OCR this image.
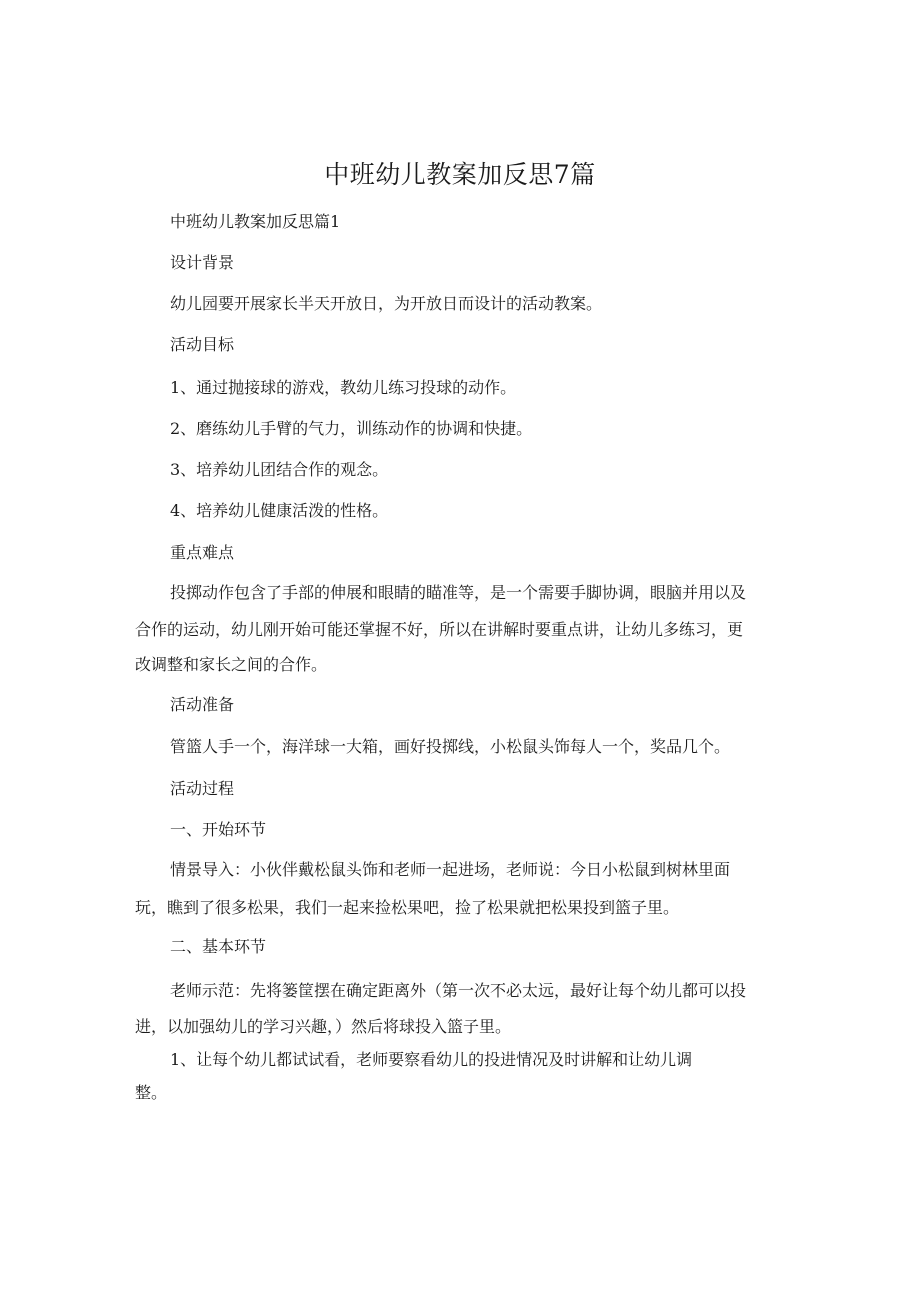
中班幼儿教案加反思7篇

中班幼儿教案加反思篇1

设计背景

幼儿园要开展家长半天开放日，为开放日而设计的活动教案。

活动目标

1、通过抛接球的游戏，教幼儿练习投球的动作。

2、磨练幼儿手臂的气力，训练动作的协调和快捷。

3、培养幼儿团结合作的观念。

4、培养幼儿健康活泼的性格。

重点难点

投掷动作包含了手部的伸展和眼睛的瞄准等，是一个需要手脚协调，眼脑并用以及

合作的运动，幼儿刚开始可能还掌握不好，所以在讲解时要重点讲，让幼儿多练习，更

改调整和家长之间的合作。

活动准备

管篮人手一个，海洋球一大箱，画好投掷线，小松鼠头饰每人一个，奖品几个。

活动过程

一、开始环节

情景导入：小伙伴戴松鼠头饰和老师一起进场，老师说：今日小松鼠到树林里面

玩，瞧到了很多松果，我们一起来捡松果吧，捡了松果就把松果投到篮子里。

二、基本环节

老师示范：先将篓筐摆在确定距离外（第一次不必太远，最好让每个幼儿都可以投

进，以加强幼儿的学习兴趣，）然后将球投入篮子里。

1、让每个幼儿都试试看，老师要察看幼儿的投进情况及时讲解和让幼儿调

整。
